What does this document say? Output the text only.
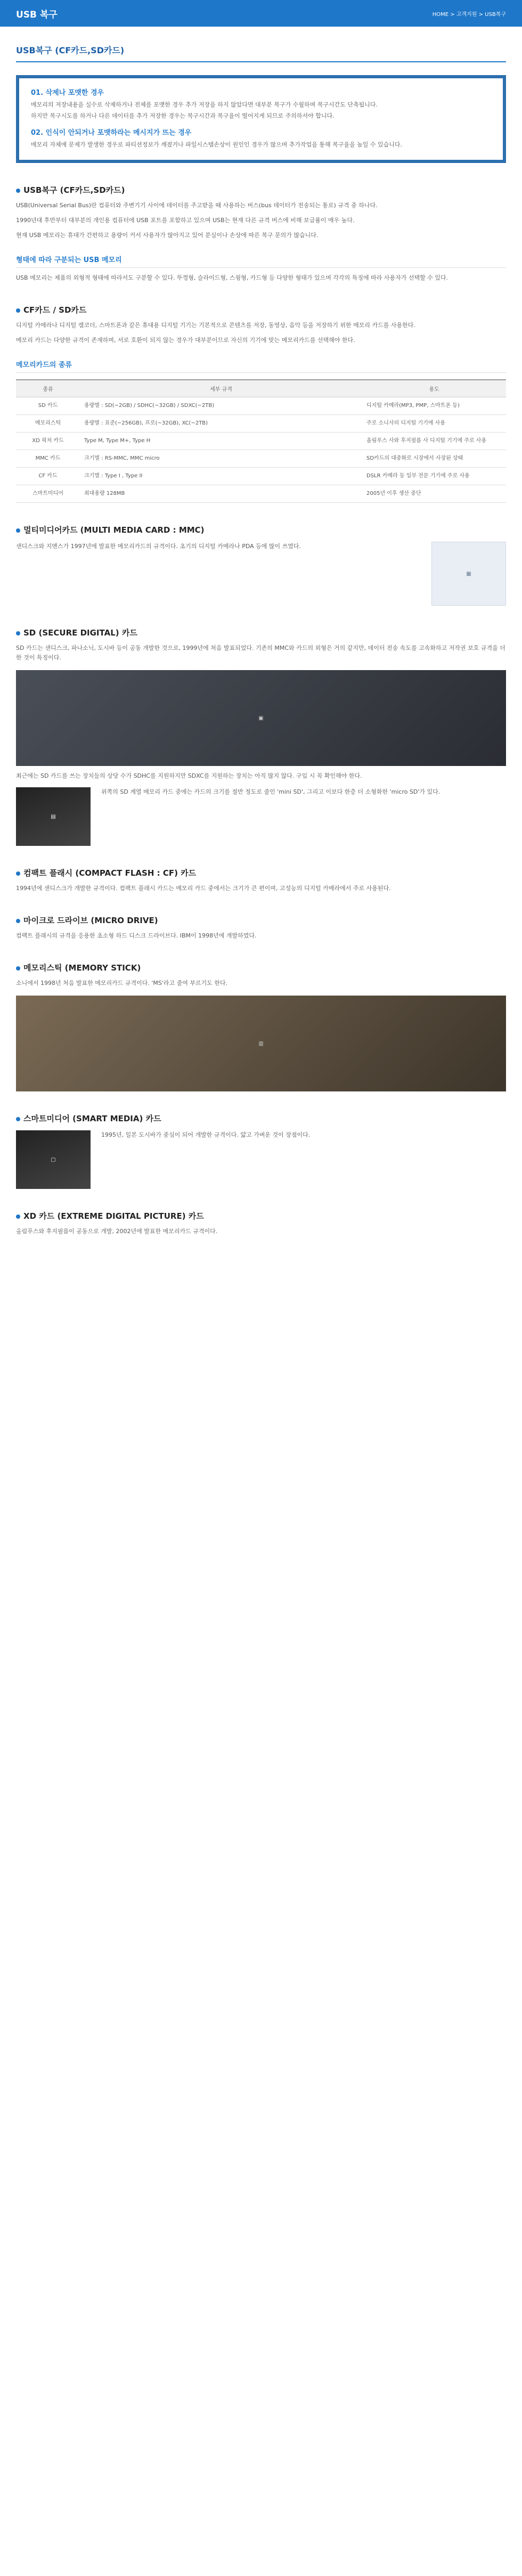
USB 복구	HOME > 고객지원 > USB복구
USB복구 (CF카드,SD카드)
01. 삭제나 포맷한 경우

메모리의 저장내용을 실수로 삭제하거나 전체를 포맷한 경우 추가 저장을 하지 않았다면 대부분 복구가 수월하며 복구시간도 단축됩니다.

하지만 복구시도를 하거나 다른 데이터를 추가 저장한 경우는 복구시간과 복구율이 떨어지게 되므로 주의하셔야 합니다.

02. 인식이 안되거나 포맷하라는 메시지가 뜨는 경우

메모리 자체에 문제가 발생한 경우로 파티션정보가 깨졌거나 파일시스템손상이 원인인 경우가 많으며 추가작업을 통해 복구율을 높일 수 있습니다.

USB복구 (CF카드,SD카드)
USB(Universal Serial Bus)란 컴퓨터와 주변기기 사이에 데이터를 주고받을 때 사용하는 버스(bus 데이터가 전송되는 통로) 규격 중 하나다.
1990년대 후반부터 대부분의 개인용 컴퓨터에 USB 포트를 포함하고 있으며 USB는 현재 다른 규격 버스에 비해 보급률이 매우 높다.
현재 USB 메모리는 휴대가 간편하고 용량이 커서 사용자가 많아지고 있어 분실이나 손상에 따른 복구 문의가 많습니다.
형태에 따라 구분되는 USB 메모리
USB 메모리는 제품의 외형적 형태에 따라서도 구분할 수 있다. 뚜껑형, 슬라이드형, 스윙형, 카드형 등 다양한 형태가 있으며 각각의 특징에 따라 사용자가 선택할 수 있다.
CF카드 / SD카드
디지털 카메라나 디지털 캠코더, 스마트폰과 같은 휴대용 디지털 기기는 기본적으로 콘텐츠를 저장, 동영상, 음악 등을 저장하기 위한 메모리 카드를 사용한다.
메모리 카드는 다양한 규격이 존재하며, 서로 호환이 되지 않는 경우가 대부분이므로 자신의 기기에 맞는 메모리카드를 선택해야 한다.
메모리카드의 종류
종류	세부 규격	용도
SD 카드	용량별 : SD(~2GB) / SDHC(~32GB) / SDXC(~2TB)	디지털 카메라(MP3, PMP, 스마트폰 등)
메모리스틱	용량별 : 표준(~256GB), 프로(~32GB), XC(~2TB)	주로 소니사의 디지털 기기에 사용
XD 픽처 카드	Type M, Type M+, Type H	올림푸스 사와 후지필름 사 디지털 기기에 주로 사용
MMC 카드	크기별 : RS-MMC, MMC micro	SD카드의 대중화로 시장에서 사장된 상태
CF 카드	크기별 : Type I , Type II	DSLR 카메라 등 일부 전문 기기에 주로 사용
스마트미디어	최대용량 128MB	2005년 이후 생산 중단
멀티미디어카드 (MULTI MEDIA CARD : MMC)
샌디스크와 지멘스가 1997년에 발표한 메모리카드의 규격이다. 초기의 디지털 카메라나 PDA 등에 많이 쓰였다.
▦
SD (SECURE DIGITAL) 카드
SD 카드는 샌디스크, 파나소닉, 도시바 등이 공동 개발한 것으로, 1999년에 처음 발표되었다. 기존의 MMC와 카드의 외형은 거의 같지만, 데이터 전송 속도를 고속화하고 저작권 보호 규격을 더한 것이 특징이다.
▣
최근에는 SD 카드를 쓰는 장치들의 상당 수가 SDHC를 지원하지만 SDXC를 지원하는 장치는 아직 많지 않다. 구입 시 꼭 확인해야 한다.
▤
위쪽의 SD 계열 메모리 카드 중에는 카드의 크기를 절반 정도로 줄인 'mini SD', 그리고 이보다 한층 더 소형화한 'micro SD'가 있다.
컴팩트 플래시 (COMPACT FLASH : CF) 카드
1994년에 샌디스크가 개발한 규격이다. 컴팩트 플래시 카드는 메모리 카드 중에서는 크기가 큰 편이며, 고성능의 디지털 카메라에서 주로 사용된다.
마이크로 드라이브 (MICRO DRIVE)
컴팩트 플래시의 규격을 응용한 초소형 하드 디스크 드라이브다. IBM이 1998년에 개발하였다.
메모리스틱 (MEMORY STICK)
소니에서 1998년 처음 발표한 메모리카드 규격이다. 'MS'라고 줄여 부르기도 한다.
▥
스마트미디어 (SMART MEDIA) 카드
▢
1995년, 일본 도시바가 중심이 되어 개발한 규격이다. 얇고 가벼운 것이 장점이다.
XD 카드 (EXTREME DIGITAL PICTURE) 카드
올림푸스와 후지필름이 공동으로 개발, 2002년에 발표한 메모리카드 규격이다.
